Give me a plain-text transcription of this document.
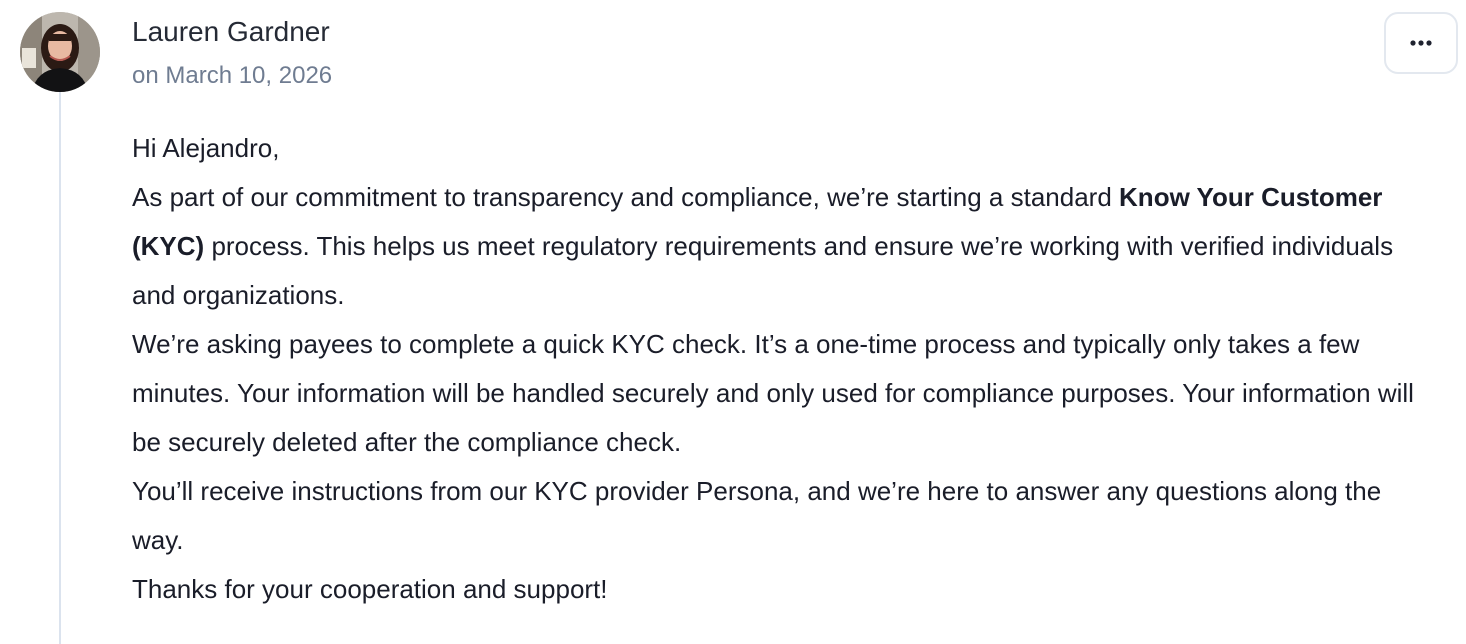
Lauren Gardner
on March 10, 2026

Hi Alejandro,

As part of our commitment to transparency and compliance, we’re starting a standard Know Your Customer (KYC) process. This helps us meet regulatory requirements and ensure we’re working with verified individuals and organizations.

We’re asking payees to complete a quick KYC check. It’s a one-time process and typically only takes a few minutes. Your information will be handled securely and only used for compliance purposes. Your information will be securely deleted after the compliance check.

You’ll receive instructions from our KYC provider Persona, and we’re here to answer any questions along the way.

Thanks for your cooperation and support!
